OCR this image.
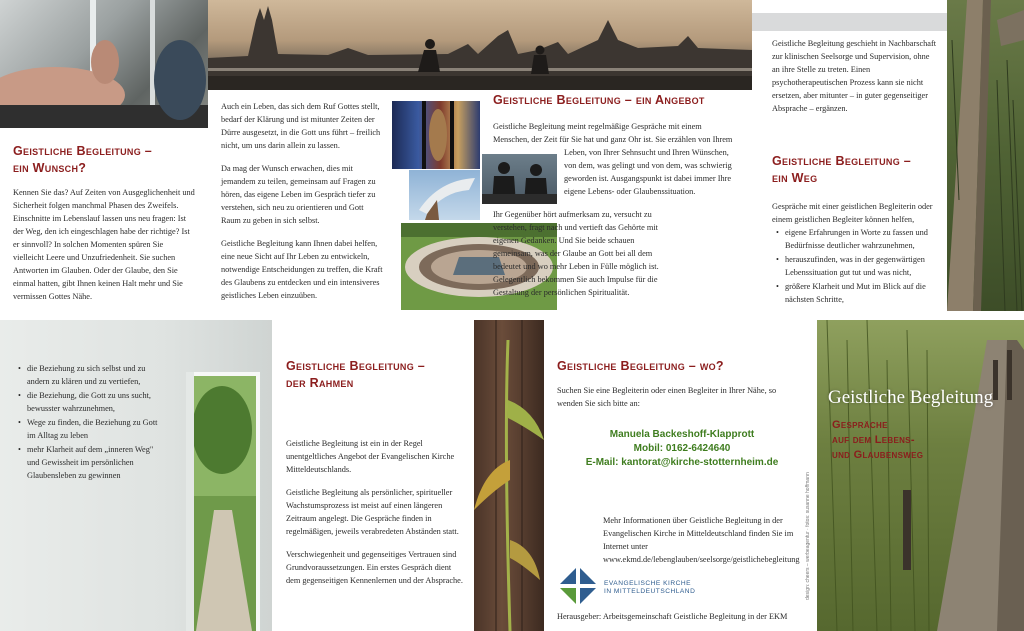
Geistliche Begleitung –
ein Wunsch?

Kennen Sie das? Auf Zeiten von Ausgeglichenheit und Sicherheit folgen manchmal Phasen des Zweifels. Einschnitte im Lebenslauf lassen uns neu fragen: Ist der Weg, den ich eingeschlagen habe der richtige? Ist er sinnvoll? In solchen Momenten spüren Sie vielleicht Leere und Unzufriedenheit. Sie suchen Antworten im Glauben. Oder der Glaube, den Sie einmal hatten, gibt Ihnen keinen Halt mehr und Sie vermissen Gottes Nähe.

Auch ein Leben, das sich dem Ruf Gottes stellt, bedarf der Klärung und ist mitunter Zeiten der Dürre ausgesetzt, in die Gott uns führt – freilich nicht, um uns darin allein zu lassen.

Da mag der Wunsch erwachen, dies mit jemandem zu teilen, gemeinsam auf Fragen zu hören, das eigene Leben im Gespräch tiefer zu verstehen, sich neu zu orientieren und Gott Raum zu geben in sich selbst.

Geistliche Begleitung kann Ihnen dabei helfen, eine neue Sicht auf Ihr Leben zu entwickeln, notwendige Entscheidungen zu treffen, die Kraft des Glaubens zu entdecken und ein intensiveres geistliches Leben einzuüben.

Geistliche Begleitung – ein Angebot
Geistliche Begleitung meint regelmäßige Gespräche mit einem Menschen, der Zeit für Sie hat und ganz Ohr ist. Sie erzählen von Ihrem
Leben, von Ihrer Sehnsucht und Ihren Wünschen, von dem, was gelingt und von dem, was schwierig geworden ist. Ausgangspunkt ist dabei immer Ihre eigene Lebens- oder Glaubenssituation.
Ihr Gegenüber hört aufmerksam zu, versucht zu verstehen, fragt nach und vertieft das Gehörte mit eigenen Gedanken. Und Sie beide schauen gemeinsam, was der Glaube an Gott bei all dem bedeutet und wo mehr Leben in Fülle möglich ist. Gelegentlich bekommen Sie auch Impulse für die Gestaltung der persönlichen Spiritualität.
Geistliche Begleitung geschieht in Nachbarschaft zur klinischen Seelsorge und Supervision, ohne an ihre Stelle zu treten. Einen psychotherapeutischen Prozess kann sie nicht ersetzen, aber mitunter – in guter gegenseitiger Absprache – ergänzen.
Geistliche Begleitung –
ein Weg
Gespräche mit einer geistlichen Begleiterin oder einem geistlichen Begleiter können helfen,
• eigene Erfahrungen in Worte zu fassen und Bedürfnisse deutlicher wahrzunehmen,
• herauszufinden, was in der gegenwärtigen Lebenssituation gut tut und was nicht,
• größere Klarheit und Mut im Blick auf die nächsten Schritte,
• die Beziehung zu sich selbst und zu andern zu klären und zu vertiefen,
• die Beziehung, die Gott zu uns sucht, bewusster wahrzunehmen,
• Wege zu finden, die Beziehung zu Gott im Alltag zu leben
• mehr Klarheit auf dem „inneren Weg" und Gewissheit im persönlichen Glaubensleben zu gewinnen
Geistliche Begleitung –
der Rahmen

Geistliche Begleitung ist ein in der Regel unentgeltliches Angebot der Evangelischen Kirche Mitteldeutschlands.

Geistliche Begleitung als persönlicher, spiritueller Wachstumsprozess ist meist auf einen längeren Zeitraum angelegt. Die Gespräche finden in regelmäßigen, jeweils verabredeten Abständen statt.

Verschwiegenheit und gegenseitiges Vertrauen sind Grundvoraussetzungen. Ein erstes Gespräch dient dem gegenseitigen Kennenlernen und der Absprache.

Geistliche Begleitung – wo?
Suchen Sie eine Begleiterin oder einen Begleiter in Ihrer Nähe, so wenden Sie sich bitte an:
Manuela Backeshoff-Klapprott
Mobil: 0162-6424640
E-Mail: kantorat@kirche-stotternheim.de
Mehr Informationen über Geistliche Begleitung in der Evangelischen Kirche in Mitteldeutschland finden Sie im Internet unter
www.ekmd.de/lebenglauben/seelsorge/geistlichebegleitung
EVANGELISCHE KIRCHE
IN MITTELDEUTSCHLAND
Herausgeber: Arbeitsgemeinschaft Geistliche Begleitung in der EKM
design: cheers – werbeagentur · fotos: susanne hoffmann
Geistliche Begleitung
Gespräche
auf dem Lebens-
und Glaubensweg
